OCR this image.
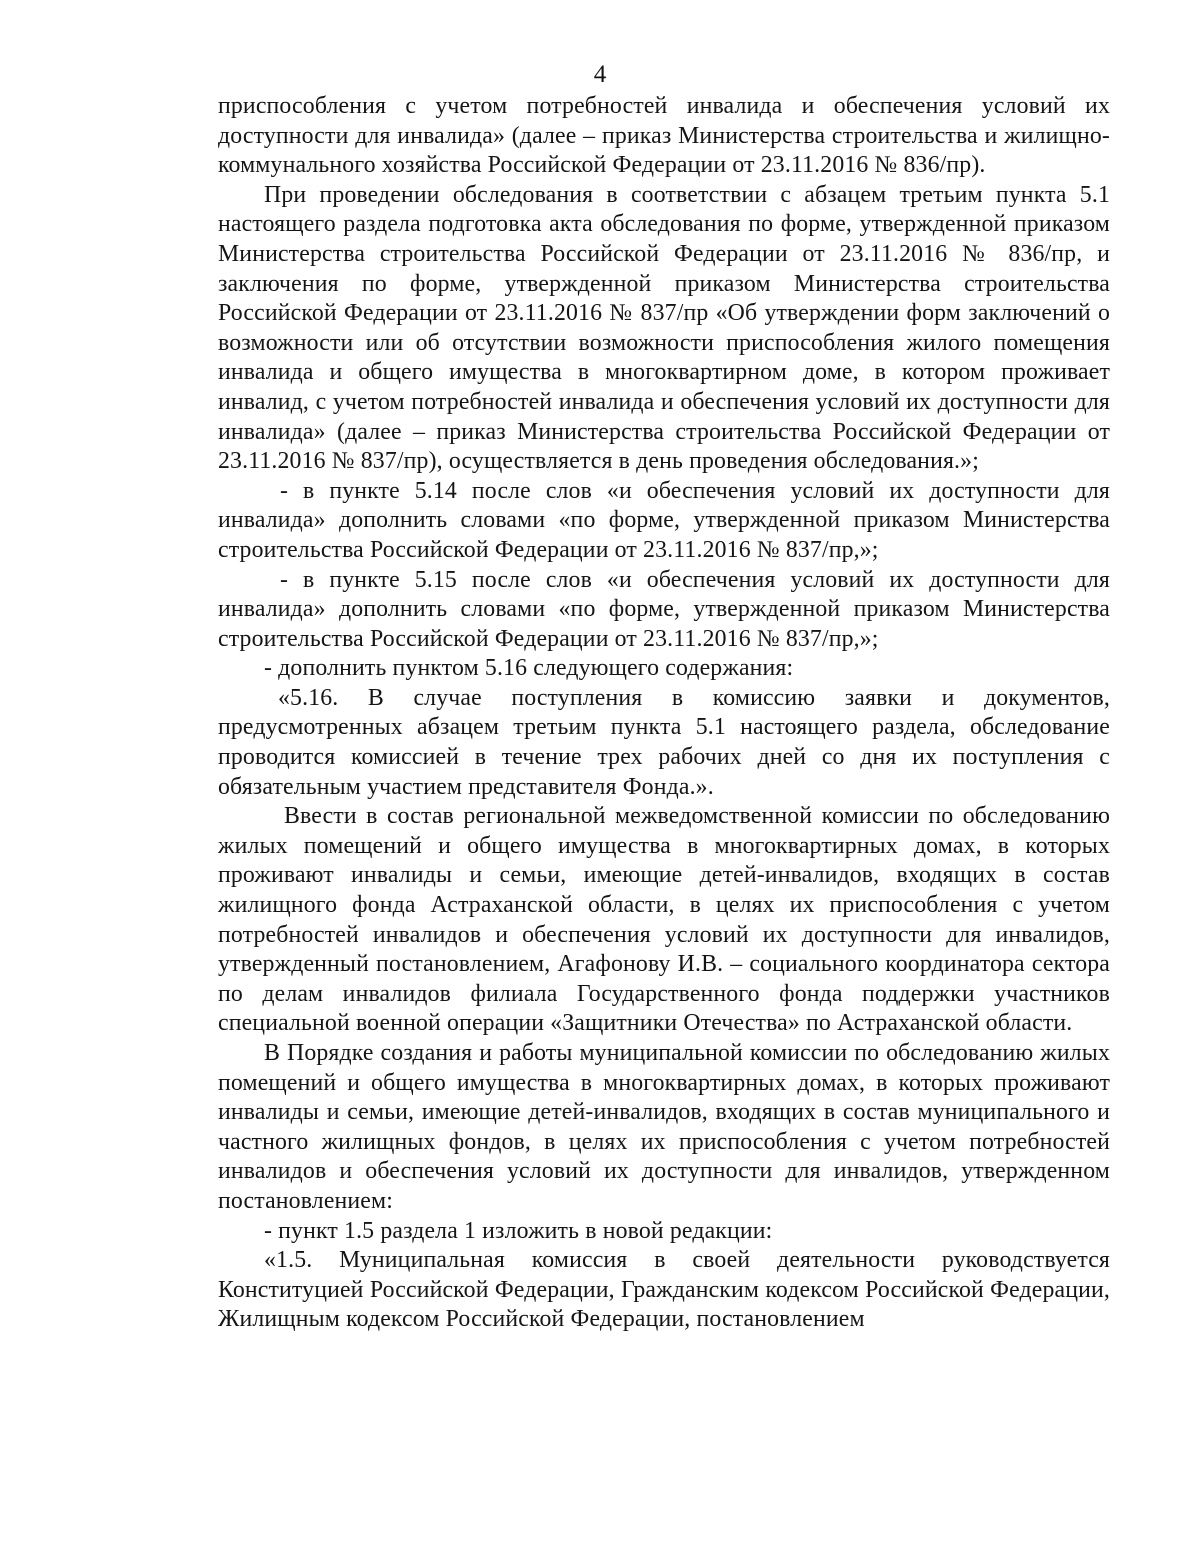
4

приспособления с учетом потребностей инвалида и обеспечения условий их доступности для инвалида» (далее – приказ Министерства строительства и жилищно-коммунального хозяйства Российской Федерации от 23.11.2016 № 836/пр).

При проведении обследования в соответствии с абзацем третьим пункта 5.1 настоящего раздела подготовка акта обследования по форме, утвержденной приказом Министерства строительства Российской Федерации от 23.11.2016 № 836/пр, и заключения по форме, утвержденной приказом Министерства строительства Российской Федерации от 23.11.2016 № 837/пр «Об утверждении форм заключений о возможности или об отсутствии возможности приспособления жилого помещения инвалида и общего имущества в многоквартирном доме, в котором проживает инвалид, с учетом потребностей инвалида и обеспечения условий их доступности для инвалида» (далее – приказ Министерства строительства Российской Федерации от 23.11.2016 № 837/пр), осуществляется в день проведения обследования.»;

- в пункте 5.14 после слов «и обеспечения условий их доступности для инвалида» дополнить словами «по форме, утвержденной приказом Министерства строительства Российской Федерации от 23.11.2016 № 837/пр,»;

- в пункте 5.15 после слов «и обеспечения условий их доступности для инвалида» дополнить словами «по форме, утвержденной приказом Министерства строительства Российской Федерации от 23.11.2016 № 837/пр,»;

- дополнить пунктом 5.16 следующего содержания:

«5.16. В случае поступления в комиссию заявки и документов, предусмотренных абзацем третьим пункта 5.1 настоящего раздела, обследование проводится комиссией в течение трех рабочих дней со дня их поступления с обязательным участием представителя Фонда.».

Ввести в состав региональной межведомственной комиссии по обследованию жилых помещений и общего имущества в многоквартирных домах, в которых проживают инвалиды и семьи, имеющие детей-инвалидов, входящих в состав жилищного фонда Астраханской области, в целях их приспособления с учетом потребностей инвалидов и обеспечения условий их доступности для инвалидов, утвержденный постановлением, Агафонову И.В. – социального координатора сектора по делам инвалидов филиала Государственного фонда поддержки участников специальной военной операции «Защитники Отечества» по Астраханской области.

В Порядке создания и работы муниципальной комиссии по обследованию жилых помещений и общего имущества в многоквартирных домах, в которых проживают инвалиды и семьи, имеющие детей-инвалидов, входящих в состав муниципального и частного жилищных фондов, в целях их приспособления с учетом потребностей инвалидов и обеспечения условий их доступности для инвалидов, утвержденном постановлением:

- пункт 1.5 раздела 1 изложить в новой редакции:

«1.5. Муниципальная комиссия в своей деятельности руководствуется Конституцией Российской Федерации, Гражданским кодексом Российской Федерации, Жилищным кодексом Российской Федерации, постановлением
